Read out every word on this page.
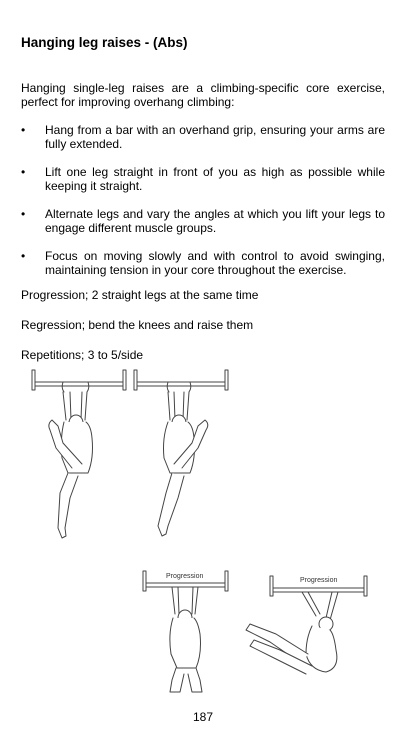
Hanging leg raises - (Abs)

Hanging single-leg raises are a climbing-specific core exercise, perfect for improving overhang climbing:

• Hang from a bar with an overhand grip, ensuring your arms are fully extended.
• Lift one leg straight in front of you as high as possible while keeping it straight.
• Alternate legs and vary the angles at which you lift your legs to engage different muscle groups.
• Focus on moving slowly and with control to avoid swinging, maintaining tension in your core throughout the exercise.

Progression; 2 straight legs at the same time

Regression; bend the knees and raise them

Repetitions; 3 to 5/side

Progression
Progression
187
